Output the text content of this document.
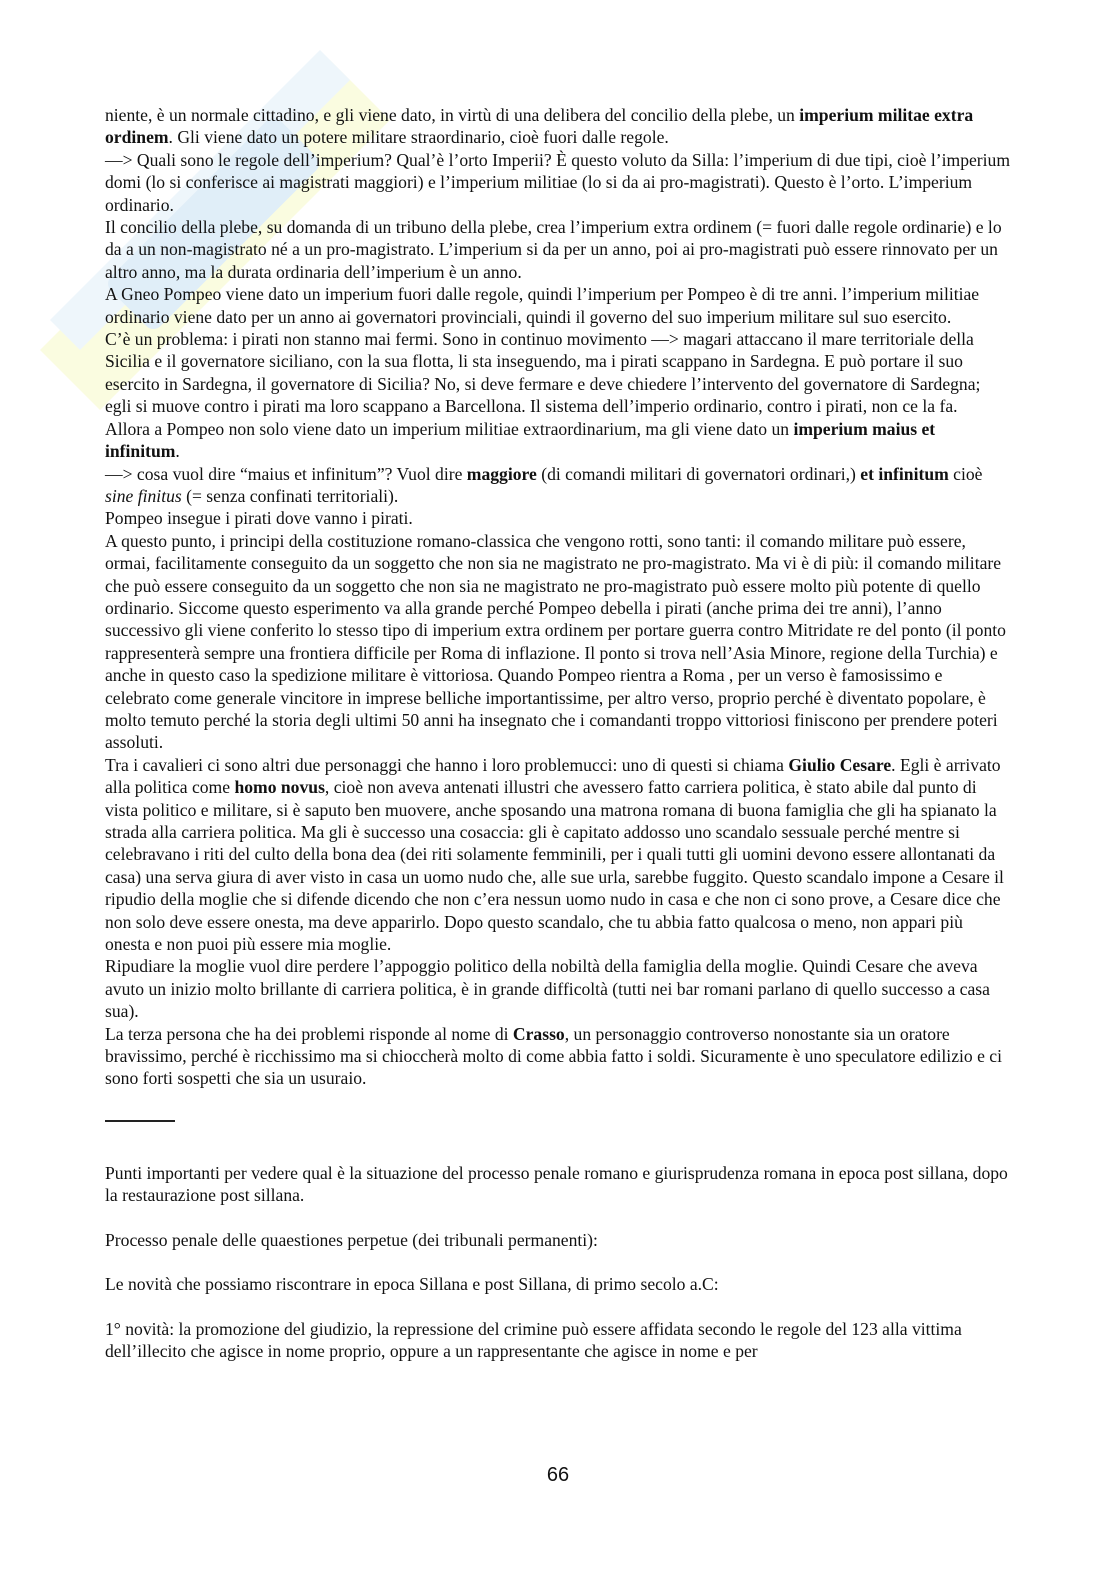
niente, è un normale cittadino, e gli viene dato, in virtù di una delibera del concilio della plebe, un imperium militae extra ordinem. Gli viene dato un potere militare straordinario, cioè fuori dalle regole.

—> Quali sono le regole dell’imperium? Qual’è l’orto Imperii? È questo voluto da Silla: l’imperium di due tipi, cioè l’imperium domi (lo si conferisce ai magistrati maggiori) e l’imperium militiae (lo si da ai pro-magistrati). Questo è l’orto. L’imperium ordinario.

Il concilio della plebe, su domanda di un tribuno della plebe, crea l’imperium extra ordinem (= fuori dalle regole ordinarie) e lo da a un non-magistrato né a un pro-magistrato. L’imperium si da per un anno, poi ai pro-magistrati può essere rinnovato per un altro anno, ma la durata ordinaria dell’imperium è un anno.

A Gneo Pompeo viene dato un imperium fuori dalle regole, quindi l’imperium per Pompeo è di tre anni. l’imperium militiae ordinario viene dato per un anno ai governatori provinciali, quindi il governo del suo imperium militare sul suo esercito.

C’è un problema: i pirati non stanno mai fermi. Sono in continuo movimento —> magari attaccano il mare territoriale della Sicilia e il governatore siciliano, con la sua flotta, li sta inseguendo, ma i pirati scappano in Sardegna. E può portare il suo esercito in Sardegna, il governatore di Sicilia? No, si deve fermare e deve chiedere l’intervento del governatore di Sardegna; egli si muove contro i pirati ma loro scappano a Barcellona. Il sistema dell’imperio ordinario, contro i pirati, non ce la fa.

Allora a Pompeo non solo viene dato un imperium militiae extraordinarium, ma gli viene dato un imperium maius et infinitum.

—> cosa vuol dire “maius et infinitum”? Vuol dire maggiore (di comandi militari di governatori ordinari,) et infinitum cioè sine finitus (= senza confinati territoriali).

Pompeo insegue i pirati dove vanno i pirati.

A questo punto, i principi della costituzione romano-classica che vengono rotti, sono tanti: il comando militare può essere, ormai, facilitamente conseguito da un soggetto che non sia ne magistrato ne pro-magistrato. Ma vi è di più: il comando militare che può essere conseguito da un soggetto che non sia ne magistrato ne pro-magistrato può essere molto più potente di quello ordinario. Siccome questo esperimento va alla grande perché Pompeo debella i pirati (anche prima dei tre anni), l’anno successivo gli viene conferito lo stesso tipo di imperium extra ordinem per portare guerra contro Mitridate re del ponto (il ponto rappresenterà sempre una frontiera difficile per Roma di inflazione. Il ponto si trova nell’Asia Minore, regione della Turchia) e anche in questo caso la spedizione militare è vittoriosa. Quando Pompeo rientra a Roma , per un verso è famosissimo e celebrato come generale vincitore in imprese belliche importantissime, per altro verso, proprio perché è diventato popolare, è molto temuto perché la storia degli ultimi 50 anni ha insegnato che i comandanti troppo vittoriosi finiscono per prendere poteri assoluti.

Tra i cavalieri ci sono altri due personaggi che hanno i loro problemucci: uno di questi si chiama Giulio Cesare. Egli è arrivato alla politica come homo novus, cioè non aveva antenati illustri che avessero fatto carriera politica, è stato abile dal punto di vista politico e militare, si è saputo ben muovere, anche sposando una matrona romana di buona famiglia che gli ha spianato la strada alla carriera politica. Ma gli è successo una cosaccia: gli è capitato addosso uno scandalo sessuale perché mentre si celebravano i riti del culto della bona dea (dei riti solamente femminili, per i quali tutti gli uomini devono essere allontanati da casa) una serva giura di aver visto in casa un uomo nudo che, alle sue urla, sarebbe fuggito. Questo scandalo impone a Cesare il ripudio della moglie che si difende dicendo che non c’era nessun uomo nudo in casa e che non ci sono prove, a Cesare dice che non solo deve essere onesta, ma deve apparirlo. Dopo questo scandalo, che tu abbia fatto qualcosa o meno, non appari più onesta e non puoi più essere mia moglie.

Ripudiare la moglie vuol dire perdere l’appoggio politico della nobiltà della famiglia della moglie. Quindi Cesare che aveva avuto un inizio molto brillante di carriera politica, è in grande difficoltà (tutti nei bar romani parlano di quello successo a casa sua).

La terza persona che ha dei problemi risponde al nome di Crasso, un personaggio controverso nonostante sia un oratore bravissimo, perché è ricchissimo ma si chioccherà molto di come abbia fatto i soldi. Sicuramente è uno speculatore edilizio e ci sono forti sospetti che sia un usuraio.

Punti importanti per vedere qual è la situazione del processo penale romano e giurisprudenza romana in epoca post sillana, dopo la restaurazione post sillana.

Processo penale delle quaestiones perpetue (dei tribunali permanenti):

Le novità che possiamo riscontrare in epoca Sillana e post Sillana, di primo secolo a.C:

1° novità: la promozione del giudizio, la repressione del crimine può essere affidata secondo le regole del 123 alla vittima dell’illecito che agisce in nome proprio, oppure a un rappresentante che agisce in nome e per

66
